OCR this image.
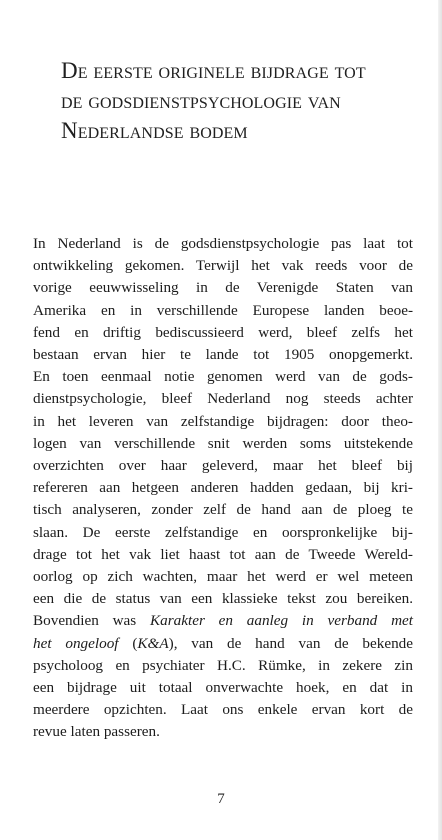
De eerste originele bijdrage tot
de godsdienstpsychologie van
Nederlandse bodem
In Nederland is de godsdienstpsychologie pas laat tot
ontwikkeling gekomen. Terwijl het vak reeds voor de
vorige eeuwwisseling in de Verenigde Staten van
Amerika en in verschillende Europese landen beoe-
fend en driftig bediscussieerd werd, bleef zelfs het
bestaan ervan hier te lande tot 1905 onopgemerkt.
En toen eenmaal notie genomen werd van de gods-
dienstpsychologie, bleef Nederland nog steeds achter
in het leveren van zelfstandige bijdragen: door theo-
logen van verschillende snit werden soms uitstekende
overzichten over haar geleverd, maar het bleef bij
refereren aan hetgeen anderen hadden gedaan, bij kri-
tisch analyseren, zonder zelf de hand aan de ploeg te
slaan. De eerste zelfstandige en oorspronkelijke bij-
drage tot het vak liet haast tot aan de Tweede Wereld-
oorlog op zich wachten, maar het werd er wel meteen
een die de status van een klassieke tekst zou bereiken.
Bovendien was Karakter en aanleg in verband met
het ongeloof (K&A), van de hand van de bekende
psycholoog en psychiater H.C. Rümke, in zekere zin
een bijdrage uit totaal onverwachte hoek, en dat in
meerdere opzichten. Laat ons enkele ervan kort de
revue laten passeren.
7
